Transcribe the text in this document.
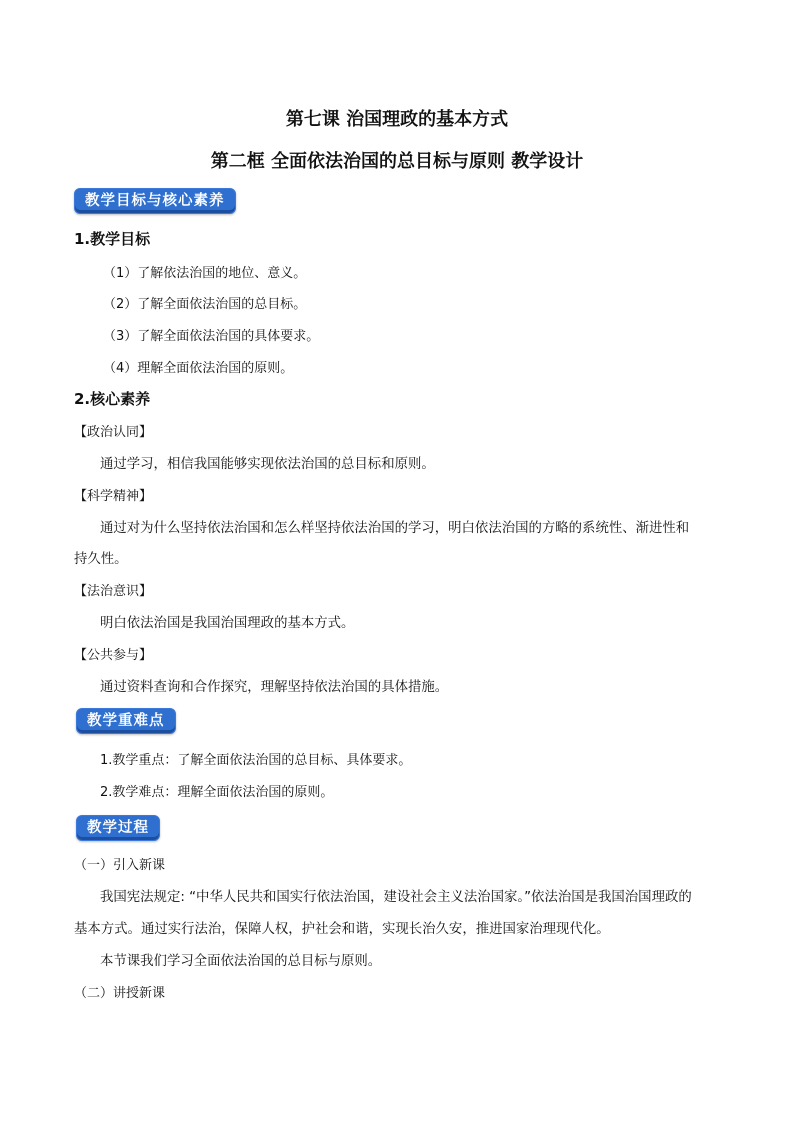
第七课 治国理政的基本方式
第二框 全面依法治国的总目标与原则 教学设计
教学目标与核心素养
1.教学目标
（1）了解依法治国的地位、意义。
（2）了解全面依法治国的总目标。
（3）了解全面依法治国的具体要求。
（4）理解全面依法治国的原则。
2.核心素养
【政治认同】
通过学习，相信我国能够实现依法治国的总目标和原则。
【科学精神】
通过对为什么坚持依法治国和怎么样坚持依法治国的学习，明白依法治国的方略的系统性、渐进性和
持久性。
【法治意识】
明白依法治国是我国治国理政的基本方式。
【公共参与】
通过资料查询和合作探究，理解坚持依法治国的具体措施。
教学重难点
1.教学重点：了解全面依法治国的总目标、具体要求。
2.教学难点：理解全面依法治国的原则。
教学过程
（一）引入新课
我国宪法规定: “中华人民共和国实行依法治国，建设社会主义法治国家。”依法治国是我国治国理政的
基本方式。通过实行法治，保障人权，护社会和谐，实现长治久安，推进国家治理现代化。
本节课我们学习全面依法治国的总目标与原则。
（二）讲授新课
